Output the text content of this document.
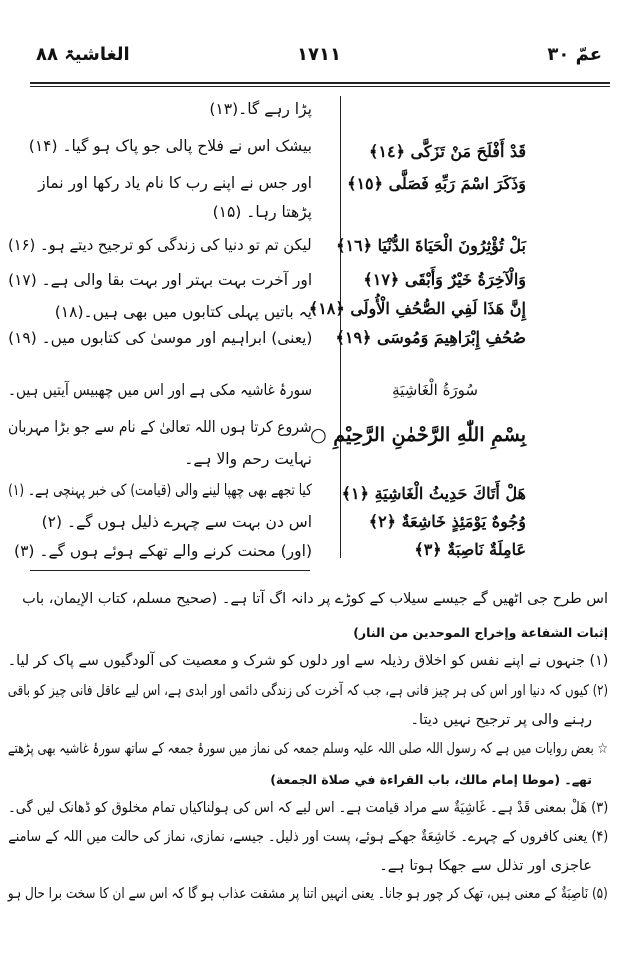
الغاشیۃ ۸۸	۱۷۱۱	عمّ ۳۰
پڑا رہے گا۔(۱۳)
بیشک اس نے فلاح پالی جو پاک ہو گیا۔ (۱۴)
اور جس نے اپنے رب کا نام یاد رکھا اور نماز
پڑھتا رہا۔ (۱۵)
لیکن تم تو دنیا کی زندگی کو ترجیح دیتے ہو۔ (۱۶)
اور آخرت بہت بہتر اور بہت بقا والی ہے۔ (۱۷)
یہ باتیں پہلی کتابوں میں بھی ہیں۔(۱۸)
(یعنی) ابراہیم اور موسیٰ کی کتابوں میں۔ (۱۹)
قَدْ أَفْلَحَ مَنْ تَزَكَّى ﴿١٤﴾
وَذَكَرَ اسْمَ رَبِّهِ فَصَلَّى ﴿١٥﴾
بَلْ تُؤْثِرُونَ الْحَيَاةَ الدُّنْيَا ﴿١٦﴾
وَالْآخِرَةُ خَيْرٌ وَأَبْقَى ﴿١٧﴾
إِنَّ هَذَا لَفِي الصُّحُفِ الْأُولَى ﴿١٨﴾
صُحُفِ إِبْرَاهِيمَ وَمُوسَى ﴿١٩﴾
سُورَةُ الْغَاشِيَةِ
سورۂ غاشیہ مکی ہے اور اس میں چھبیس آیتیں ہیں۔
بِسْمِ اللّٰهِ الرَّحْمٰنِ الرَّحِيْمِ ○
شروع کرتا ہوں اللہ تعالیٰ کے نام سے جو بڑا مہربان
نہایت رحم والا ہے۔
کیا تجھے بھی چھپا لینے والی (قیامت) کی خبر پہنچی ہے۔ (۱)
اس دن بہت سے چہرے ذلیل ہوں گے۔ (۲)
(اور) محنت کرنے والے تھکے ہوئے ہوں گے۔ (۳)
هَلْ أَتَاكَ حَدِيثُ الْغَاشِيَةِ ﴿١﴾
وُجُوهٌ يَوْمَئِذٍ خَاشِعَةٌ ﴿٢﴾
عَامِلَةٌ نَاصِبَةٌ ﴿٣﴾
اس طرح جی اٹھیں گے جیسے سیلاب کے کوڑے پر دانہ اگ آتا ہے۔ (صحیح مسلم، کتاب الإیمان، باب
إثبات الشفاعة وإخراج الموحدین من النار)
(۱) جنہوں نے اپنے نفس کو اخلاق رذیلہ سے اور دلوں کو شرک و معصیت کی آلودگیوں سے پاک کر لیا۔
(۲) کیوں کہ دنیا اور اس کی ہر چیز فانی ہے، جب کہ آخرت کی زندگی دائمی اور ابدی ہے، اس لیے عاقل فانی چیز کو باقی
رہنے والی پر ترجیح نہیں دیتا۔
☆ بعض روایات میں ہے کہ رسول اللہ صلی اللہ علیہ وسلم جمعہ کی نماز میں سورۂ جمعہ کے ساتھ سورۂ غاشیہ بھی پڑھتے
تھے۔ (موطا إمام مالك، باب القراءة في صلاة الجمعة)
(۳) هَلْ بمعنی قَدْ ہے۔ غَاشِيَةٌ سے مراد قیامت ہے۔ اس لیے کہ اس کی ہولناکیاں تمام مخلوق کو ڈھانک لیں گی۔
(۴) یعنی کافروں کے چہرے۔ خَاشِعَةٌ جھکے ہوئے، پست اور ذلیل۔ جیسے، نمازی، نماز کی حالت میں اللہ کے سامنے
عاجزی اور تذلل سے جھکا ہوتا ہے۔
(۵) نَاصِبَةٌ کے معنی ہیں، تھک کر چور ہو جانا۔ یعنی انہیں اتنا پر مشقت عذاب ہو گا کہ اس سے ان کا سخت برا حال ہو
